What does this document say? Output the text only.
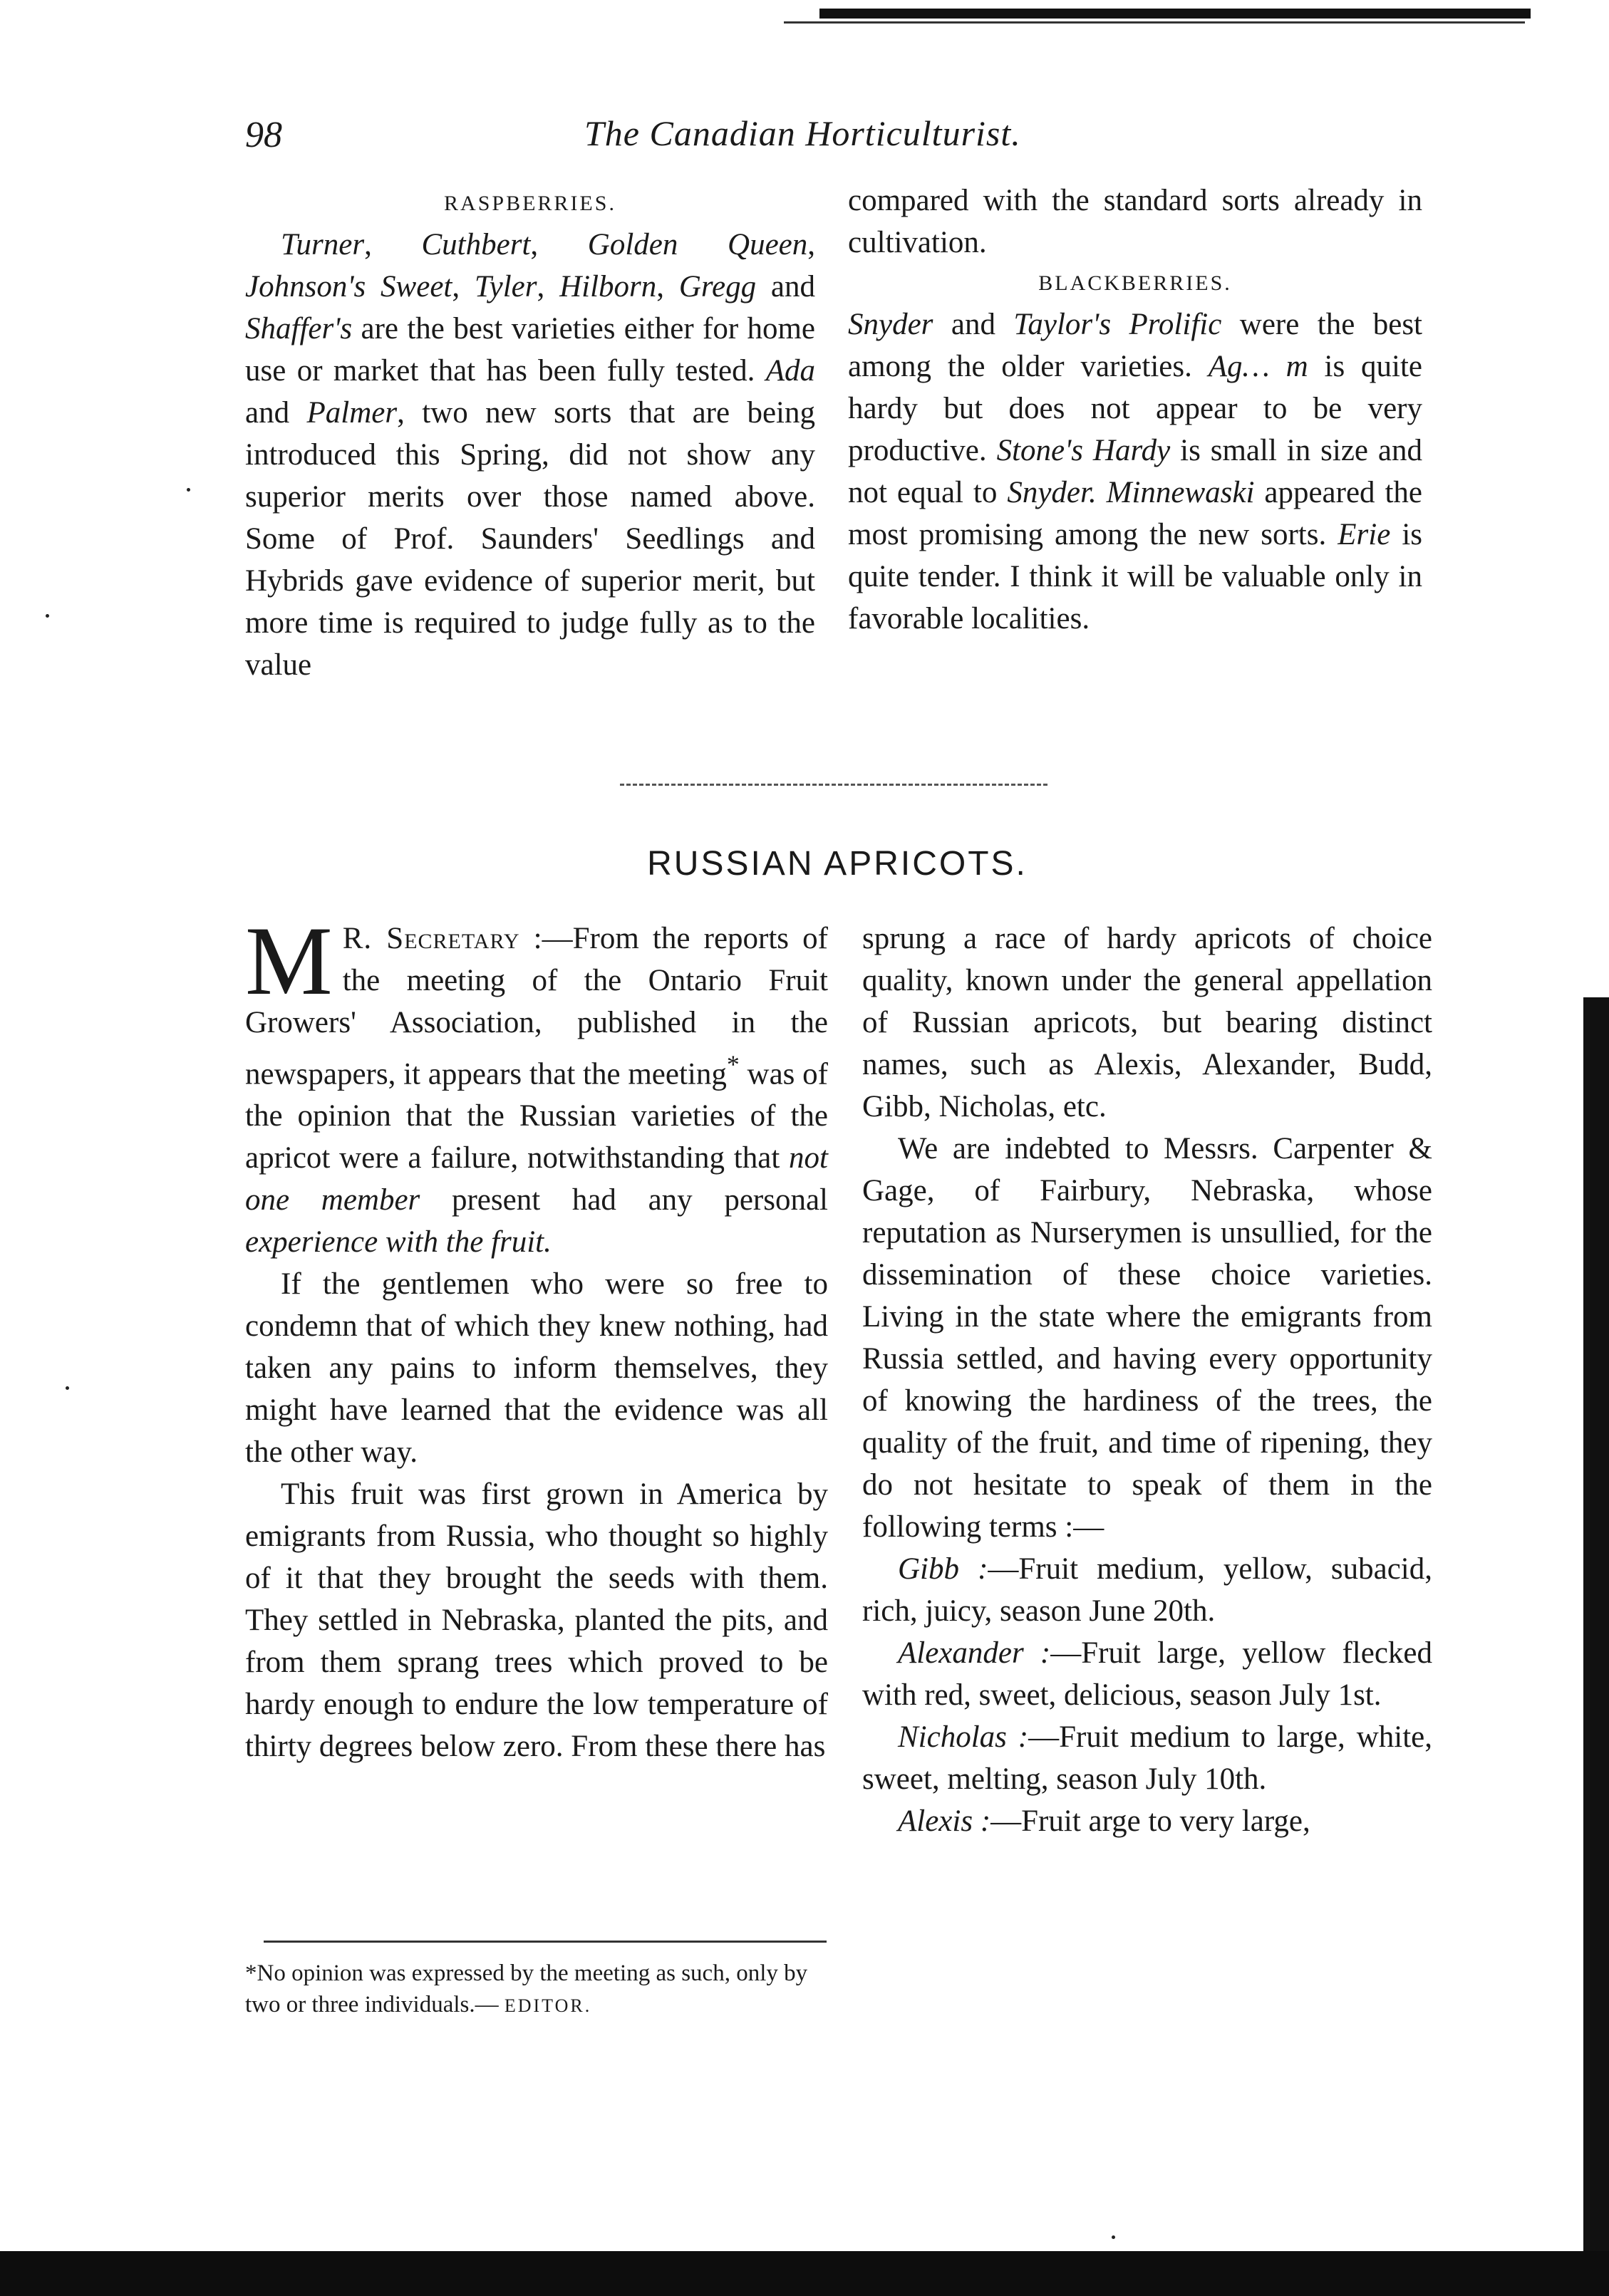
98	The Canadian Horticulturist.

RASPBERRIES.

Turner, Cuthbert, Golden Queen, Johnson's Sweet, Tyler, Hilborn, Gregg and Shaffer's are the best varieties either for home use or market that has been fully tested. Ada and Palmer, two new sorts that are being introduced this Spring, did not show any superior merits over those named above. Some of Prof. Saunders' Seedlings and Hybrids gave evidence of superior merit, but more time is required to judge fully as to the value

compared with the standard sorts already in cultivation.

BLACKBERRIES.

Snyder and Taylor's Prolific were the best among the older varieties. Ag… m is quite hardy but does not appear to be very productive. Stone's Hardy is small in size and not equal to Snyder. Minnewaski appeared the most promising among the new sorts. Erie is quite tender. I think it will be valuable only in favorable localities.

RUSSIAN APRICOTS.

M R. Secretary :—From the reports of the meeting of the Ontario Fruit Growers' Association, published in the newspapers, it appears that the meeting* was of the opinion that the Russian varieties of the apricot were a failure, notwithstanding that not one member present had any personal experience with the fruit.

If the gentlemen who were so free to condemn that of which they knew nothing, had taken any pains to inform themselves, they might have learned that the evidence was all the other way.

This fruit was first grown in America by emigrants from Russia, who thought so highly of it that they brought the seeds with them. They settled in Nebraska, planted the pits, and from them sprang trees which proved to be hardy enough to endure the low temperature of thirty degrees below zero. From these there has

*No opinion was expressed by the meeting as such, only by two or three individuals.— EDITOR.

sprung a race of hardy apricots of choice quality, known under the general appellation of Russian apricots, but bearing distinct names, such as Alexis, Alexander, Budd, Gibb, Nicholas, etc.

We are indebted to Messrs. Carpenter & Gage, of Fairbury, Nebraska, whose reputation as Nurserymen is unsullied, for the dissemination of these choice varieties. Living in the state where the emigrants from Russia settled, and having every opportunity of knowing the hardiness of the trees, the quality of the fruit, and time of ripening, they do not hesitate to speak of them in the following terms :—

Gibb :—Fruit medium, yellow, subacid, rich, juicy, season June 20th.

Alexander :—Fruit large, yellow flecked with red, sweet, delicious, season July 1st.

Nicholas :—Fruit medium to large, white, sweet, melting, season July 10th.

Alexis :—Fruit arge to very large,
